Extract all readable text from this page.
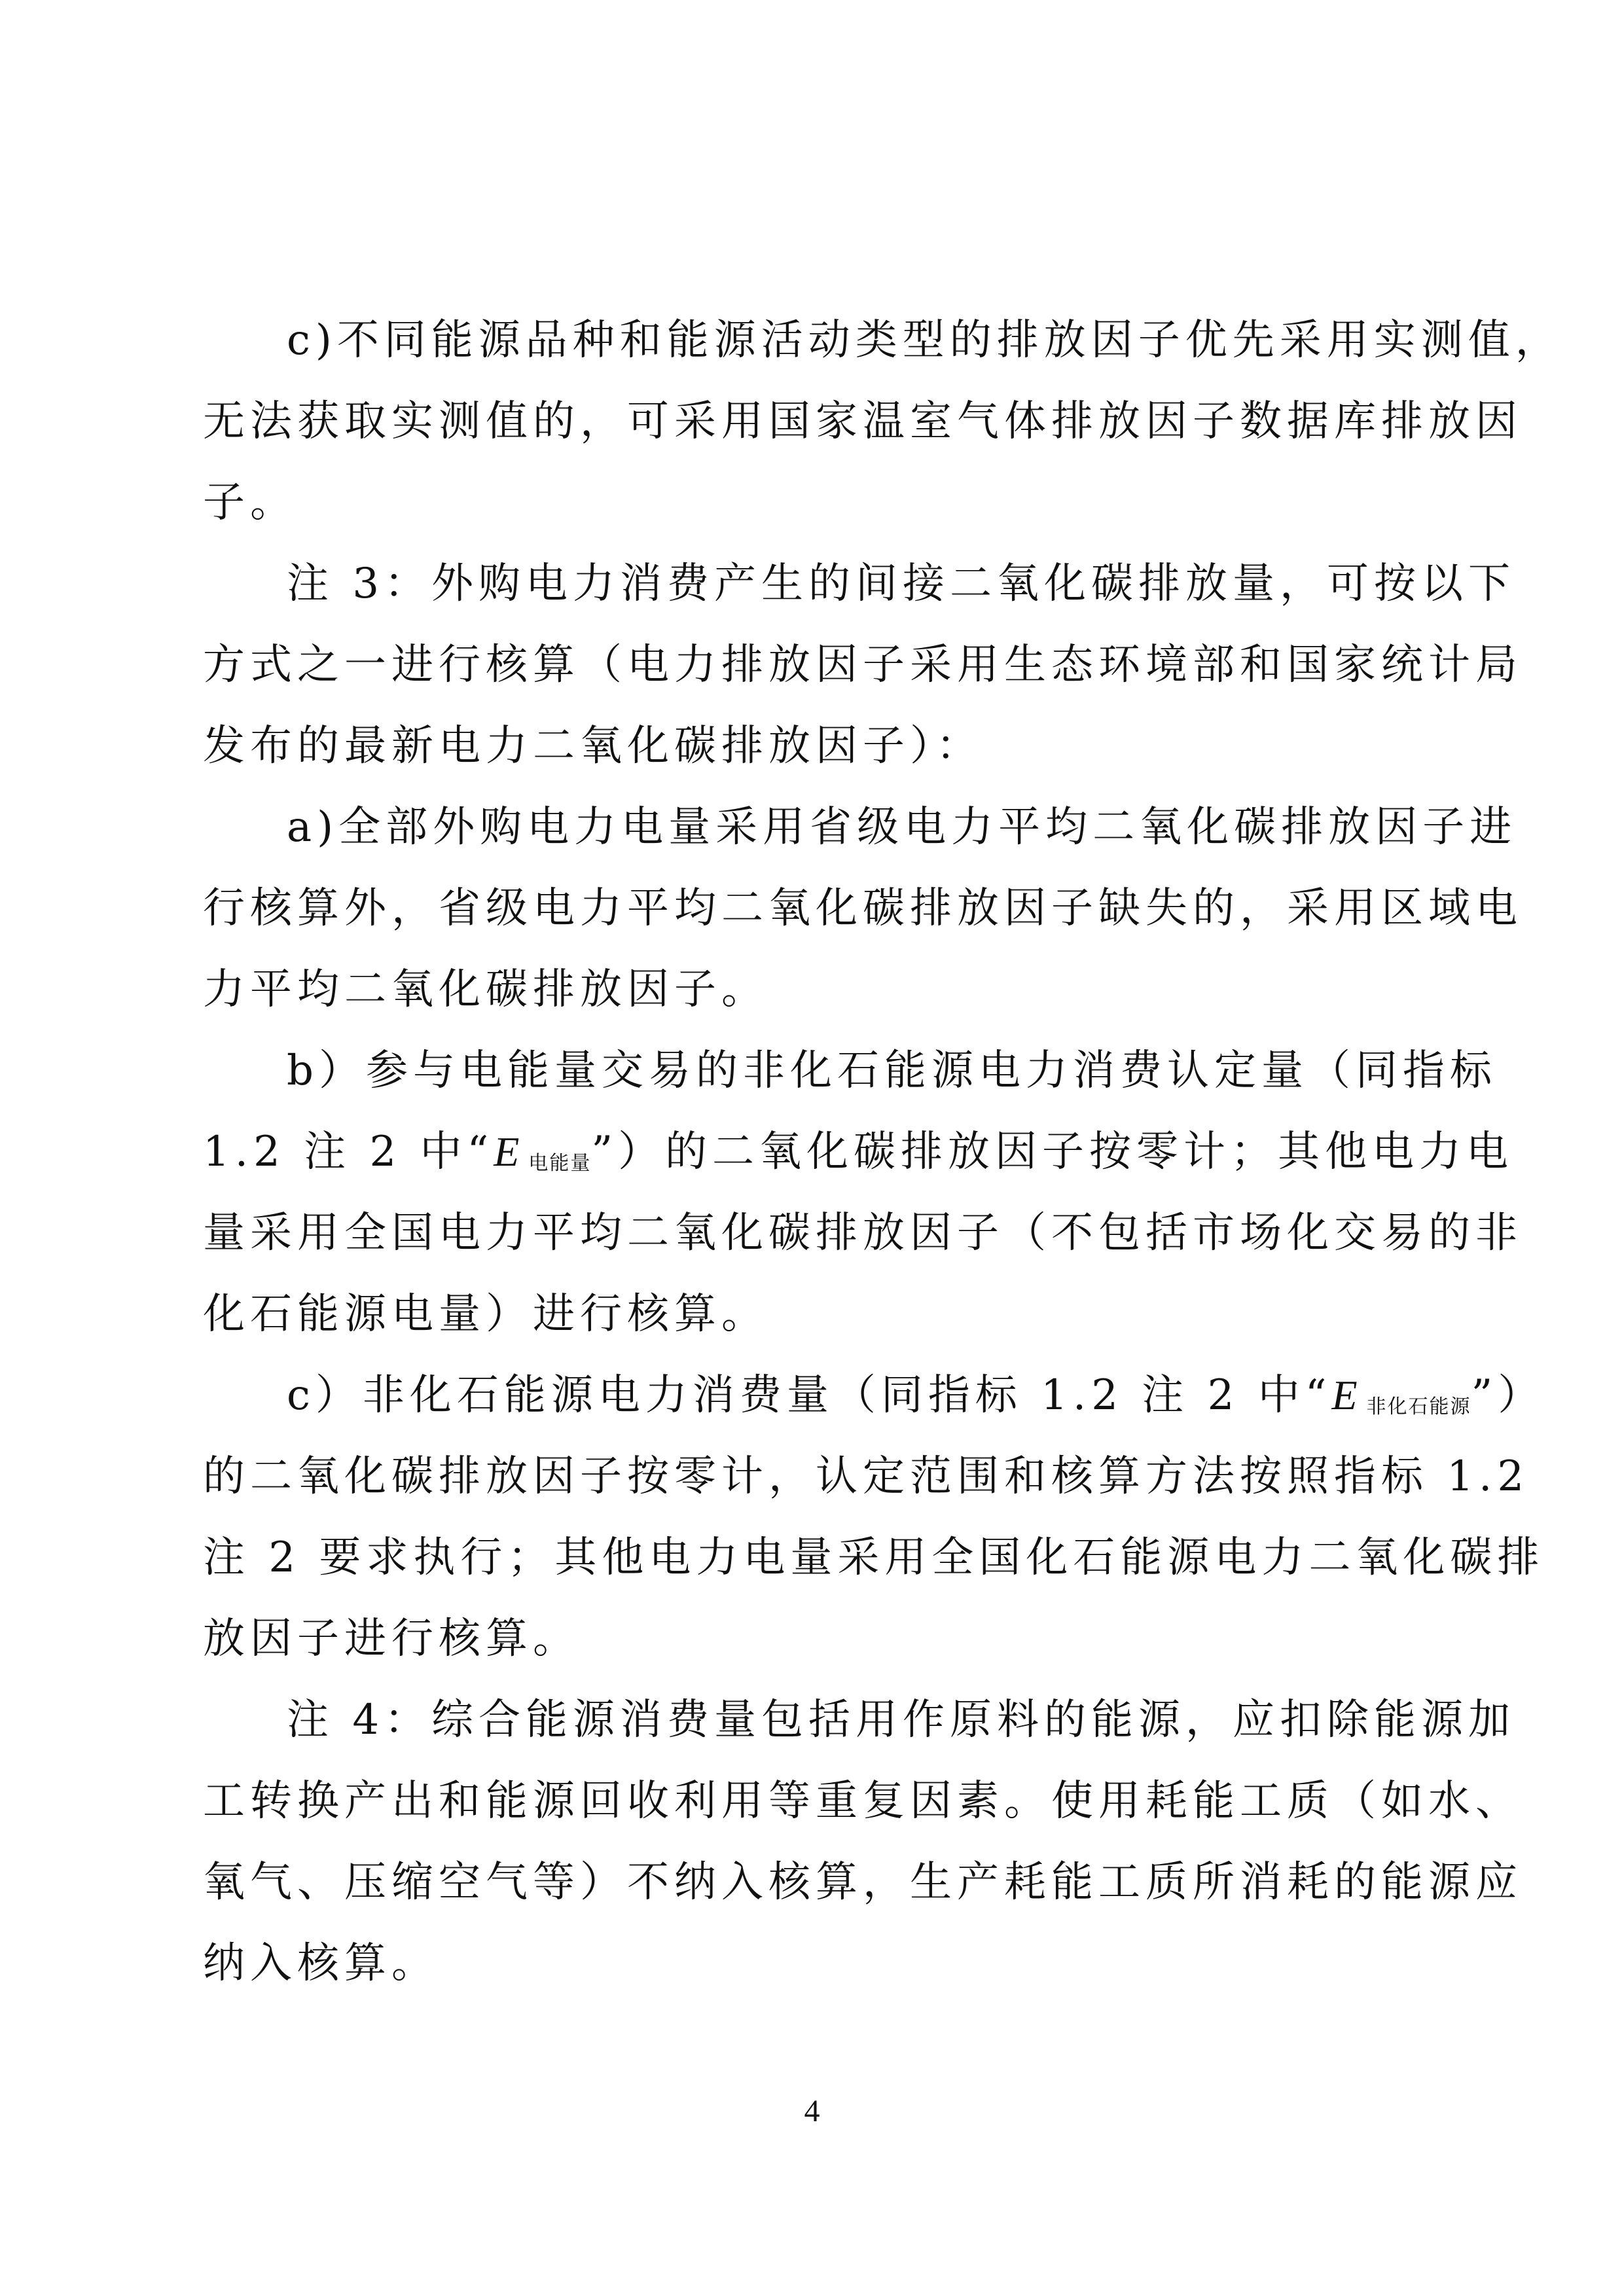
c)不同能源品种和能源活动类型的排放因子优先采用实测值，
无法获取实测值的，可采用国家温室气体排放因子数据库排放因
子。
注 3：外购电力消费产生的间接二氧化碳排放量，可按以下
方式之一进行核算（电力排放因子采用生态环境部和国家统计局
发布的最新电力二氧化碳排放因子）：
a)全部外购电力电量采用省级电力平均二氧化碳排放因子进
行核算外，省级电力平均二氧化碳排放因子缺失的，采用区域电
力平均二氧化碳排放因子。
b）参与电能量交易的非化石能源电力消费认定量（同指标
1.2 注 2 中“E $_{电能量}$”）的二氧化碳排放因子按零计；其他电力电
量采用全国电力平均二氧化碳排放因子（不包括市场化交易的非
化石能源电量）进行核算。
c）非化石能源电力消费量（同指标 1.2 注 2 中“E $_{非化石能源}$”）
的二氧化碳排放因子按零计，认定范围和核算方法按照指标 1.2
注 2 要求执行；其他电力电量采用全国化石能源电力二氧化碳排
放因子进行核算。
注 4：综合能源消费量包括用作原料的能源，应扣除能源加
工转换产出和能源回收利用等重复因素。使用耗能工质（如水、
氧气、压缩空气等）不纳入核算，生产耗能工质所消耗的能源应
纳入核算。
4
